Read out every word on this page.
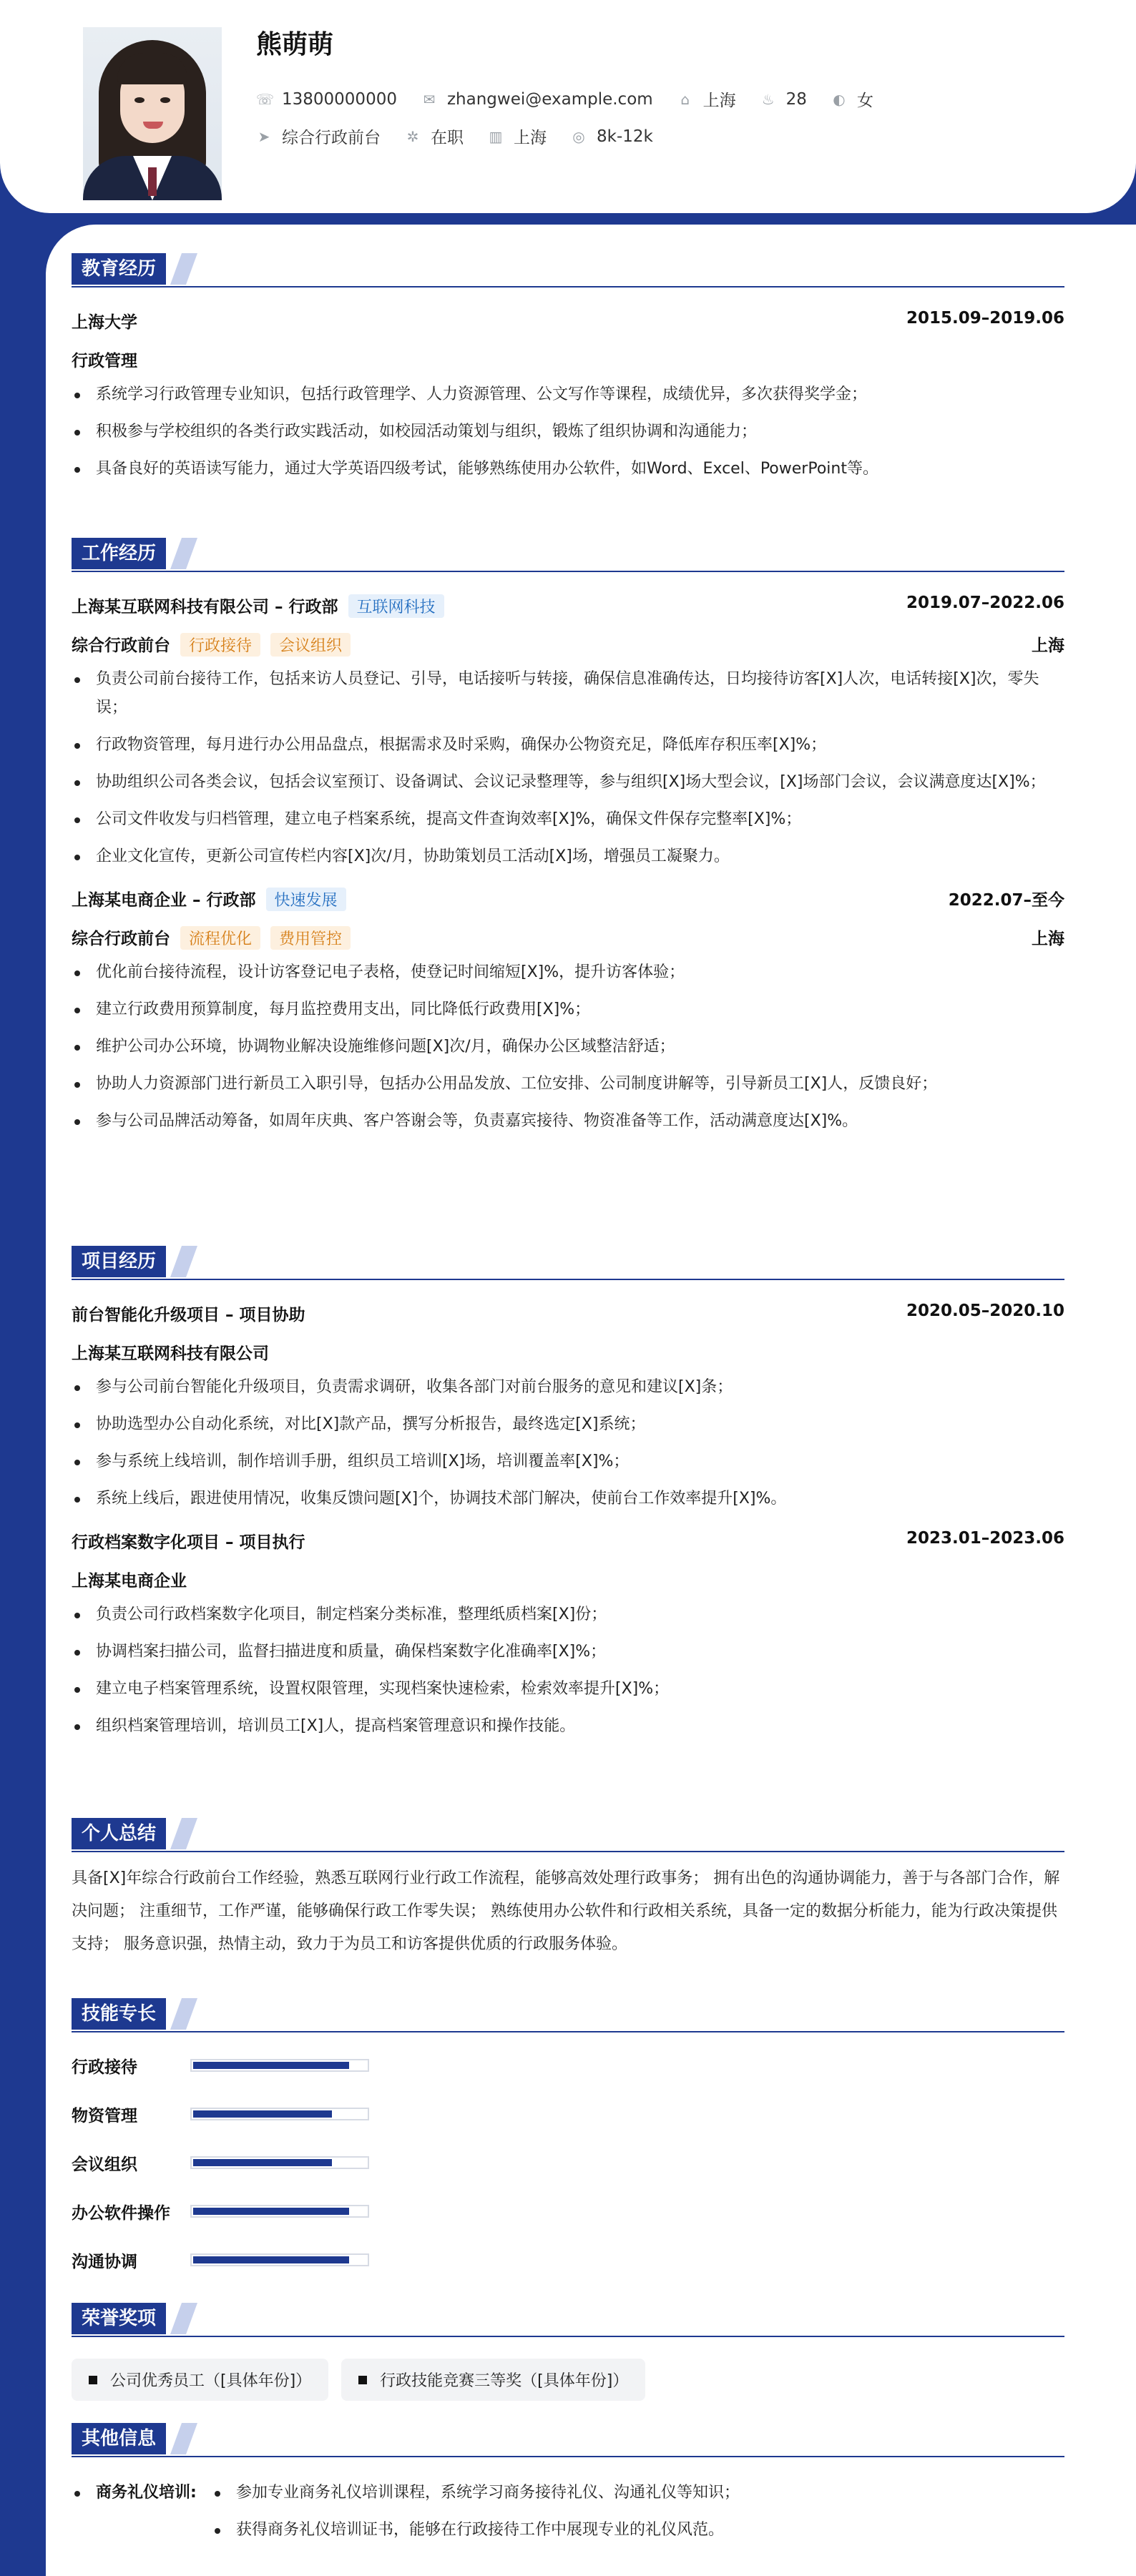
熊萌萌
☏ 13800000000 ✉ zhangwei@example.com ⌂ 上海 ♨ 28 ◐ 女
➤ 综合行政前台 ✲ 在职 ▥ 上海 ◎ 8k-12k
教育经历
上海大学	2015.09–2019.06
行政管理
系统学习行政管理专业知识，包括行政管理学、人力资源管理、公文写作等课程，成绩优异，多次获得奖学金；
积极参与学校组织的各类行政实践活动，如校园活动策划与组织，锻炼了组织协调和沟通能力；
具备良好的英语读写能力，通过大学英语四级考试，能够熟练使用办公软件，如Word、Excel、PowerPoint等。
工作经历
上海某互联网科技有限公司 – 行政部 互联网科技	2019.07–2022.06
综合行政前台 行政接待 会议组织	上海
负责公司前台接待工作，包括来访人员登记、引导，电话接听与转接，确保信息准确传达，日均接待访客[X]人次，电话转接[X]次，零失误；
行政物资管理，每月进行办公用品盘点，根据需求及时采购，确保办公物资充足，降低库存积压率[X]%；
协助组织公司各类会议，包括会议室预订、设备调试、会议记录整理等，参与组织[X]场大型会议，[X]场部门会议，会议满意度达[X]%；
公司文件收发与归档管理，建立电子档案系统，提高文件查询效率[X]%，确保文件保存完整率[X]%；
企业文化宣传，更新公司宣传栏内容[X]次/月，协助策划员工活动[X]场，增强员工凝聚力。
上海某电商企业 – 行政部 快速发展	2022.07–至今
综合行政前台 流程优化 费用管控	上海
优化前台接待流程，设计访客登记电子表格，使登记时间缩短[X]%，提升访客体验；
建立行政费用预算制度，每月监控费用支出，同比降低行政费用[X]%；
维护公司办公环境，协调物业解决设施维修问题[X]次/月，确保办公区域整洁舒适；
协助人力资源部门进行新员工入职引导，包括办公用品发放、工位安排、公司制度讲解等，引导新员工[X]人，反馈良好；
参与公司品牌活动筹备，如周年庆典、客户答谢会等，负责嘉宾接待、物资准备等工作，活动满意度达[X]%。
项目经历
前台智能化升级项目 – 项目协助	2020.05–2020.10
上海某互联网科技有限公司
参与公司前台智能化升级项目，负责需求调研，收集各部门对前台服务的意见和建议[X]条；
协助选型办公自动化系统，对比[X]款产品，撰写分析报告，最终选定[X]系统；
参与系统上线培训，制作培训手册，组织员工培训[X]场，培训覆盖率[X]%；
系统上线后，跟进使用情况，收集反馈问题[X]个，协调技术部门解决，使前台工作效率提升[X]%。
行政档案数字化项目 – 项目执行	2023.01–2023.06
上海某电商企业
负责公司行政档案数字化项目，制定档案分类标准，整理纸质档案[X]份；
协调档案扫描公司，监督扫描进度和质量，确保档案数字化准确率[X]%；
建立电子档案管理系统，设置权限管理，实现档案快速检索，检索效率提升[X]%；
组织档案管理培训，培训员工[X]人，提高档案管理意识和操作技能。
个人总结
具备[X]年综合行政前台工作经验，熟悉互联网行业行政工作流程，能够高效处理行政事务； 拥有出色的沟通协调能力，善于与各部门合作，解决问题； 注重细节，工作严谨，能够确保行政工作零失误； 熟练使用办公软件和行政相关系统，具备一定的数据分析能力，能为行政决策提供支持； 服务意识强，热情主动，致力于为员工和访客提供优质的行政服务体验。
技能专长
行政接待
物资管理
会议组织
办公软件操作
沟通协调
荣誉奖项
公司优秀员工（[具体年份]）	行政技能竞赛三等奖（[具体年份]）
其他信息
商务礼仪培训:	参加专业商务礼仪培训课程，系统学习商务接待礼仪、沟通礼仪等知识；
获得商务礼仪培训证书，能够在行政接待工作中展现专业的礼仪风范。
